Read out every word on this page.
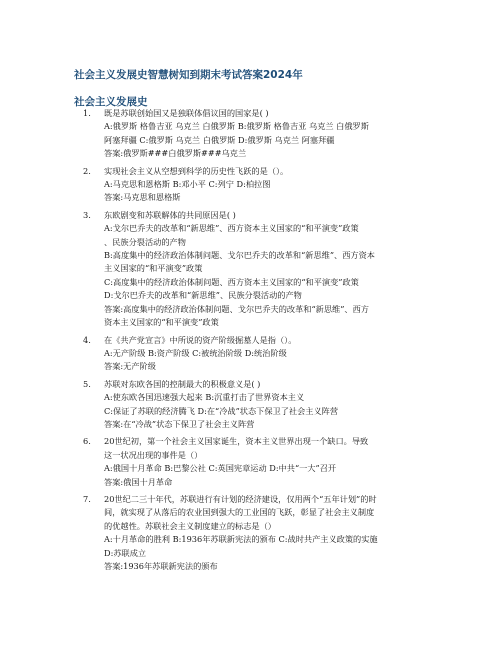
社会主义发展史智慧树知到期末考试答案2024年
社会主义发展史
1. 既是苏联创始国又是独联体倡议国的国家是( )
A:俄罗斯 格鲁吉亚 乌克兰 白俄罗斯 B:俄罗斯 格鲁吉亚 乌克兰 白俄罗斯
阿塞拜疆 C:俄罗斯 乌克兰 白俄罗斯 D:俄罗斯 乌克兰 阿塞拜疆
答案:俄罗斯###白俄罗斯###乌克兰
2. 实现社会主义从空想到科学的历史性飞跃的是（）。
A:马克思和恩格斯 B:邓小平 C:列宁 D:柏拉图
答案:马克思和恩格斯
3. 东欧剧变和苏联解体的共同原因是( )
A:戈尔巴乔夫的改革和“新思维”、西方资本主义国家的“和平演变”政策
、民族分裂活动的产物
B:高度集中的经济政治体制问题、戈尔巴乔夫的改革和“新思维”、西方资本
主义国家的“和平演变”政策
C:高度集中的经济政治体制问题、西方资本主义国家的“和平演变”政策
D:戈尔巴乔夫的改革和“新思维”、民族分裂活动的产物
答案:高度集中的经济政治体制问题、戈尔巴乔夫的改革和“新思维”、西方
资本主义国家的“和平演变”政策
4. 在《共产党宣言》中所说的资产阶级掘墓人是指（）。
A:无产阶级 B:资产阶级 C:被统治阶级 D:统治阶级
答案:无产阶级
5. 苏联对东欧各国的控制最大的积极意义是( )
A:使东欧各国迅速强大起来 B:沉重打击了世界资本主义
C:保证了苏联的经济腾飞 D:在“冷战”状态下保卫了社会主义阵营
答案:在“冷战”状态下保卫了社会主义阵营
6. 20世纪初，第一个社会主义国家诞生，资本主义世界出现一个缺口。导致
这一状况出现的事件是（）
A:俄国十月革命 B:巴黎公社 C:英国宪章运动 D:中共“一大”召开
答案:俄国十月革命
7. 20世纪二三十年代，苏联进行有计划的经济建设，仅用两个“五年计划”的时
间，就实现了从落后的农业国到强大的工业国的飞跃，彰显了社会主义制度
的优越性。苏联社会主义制度建立的标志是（）
A:十月革命的胜利 B:1936年苏联新宪法的颁布 C:战时共产主义政策的实施
D:苏联成立
答案:1936年苏联新宪法的颁布
